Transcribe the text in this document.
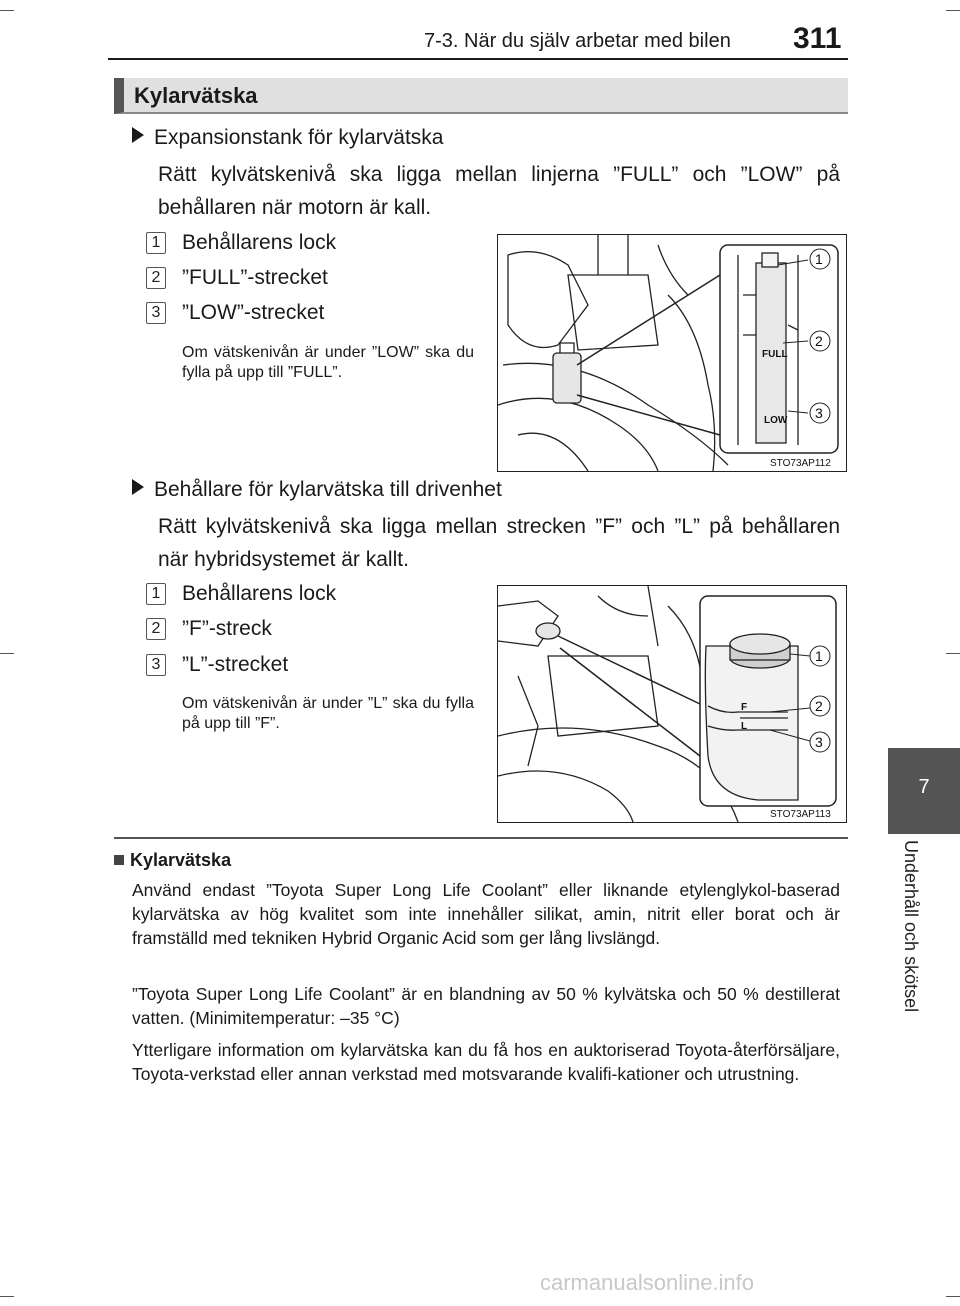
7-3. När du själv arbetar med bilen 311
Kylarvätska
Expansionstank för kylarvätska
Rätt kylvätskenivå ska ligga mellan linjerna ”FULL” och ”LOW” på behållaren när motorn är kall.
1 Behållarens lock
2 ”FULL”-strecket
3 ”LOW”-strecket
Om vätskenivån är under ”LOW” ska du fylla på upp till ”FULL”.
FULL
LOW
1
2
3
STO73AP112
Behållare för kylarvätska till drivenhet
Rätt kylvätskenivå ska ligga mellan strecken ”F” och ”L” på behållaren när hybridsystemet är kallt.
1 Behållarens lock
2 ”F”-streck
3 ”L”-strecket
Om vätskenivån är under ”L” ska du fylla på upp till ”F”.
F
L
1
2
3
STO73AP113
Kylarvätska
Använd endast ”Toyota Super Long Life Coolant” eller liknande etylenglykol-baserad kylarvätska av hög kvalitet som inte innehåller silikat, amin, nitrit eller borat och är framställd med tekniken Hybrid Organic Acid som ger lång livslängd.
”Toyota Super Long Life Coolant” är en blandning av 50 % kylvätska och 50 % destillerat vatten. (Minimitemperatur: –35 °C)
Ytterligare information om kylarvätska kan du få hos en auktoriserad Toyota-återförsäljare, Toyota-verkstad eller annan verkstad med motsvarande kvalifi-kationer och utrustning.
7
Underhåll och skötsel
carmanualsonline.info
